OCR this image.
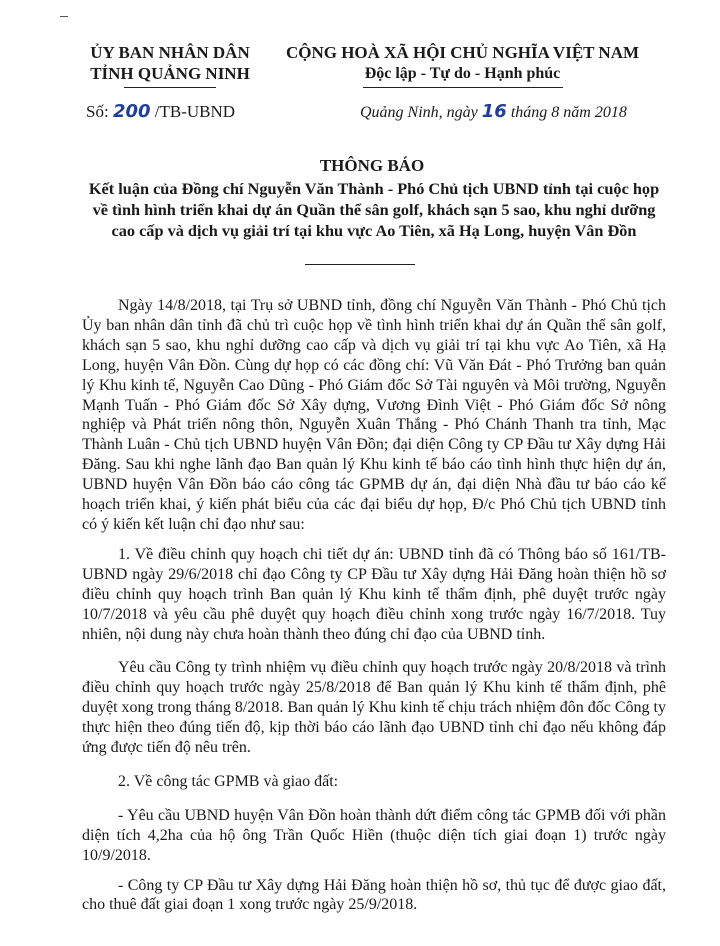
ỦY BAN NHÂN DÂN
TỈNH QUẢNG NINH
CỘNG HOÀ XÃ HỘI CHỦ NGHĨA VIỆT NAM
Độc lập - Tự do - Hạnh phúc
Số: 200 /TB-UBND	Quảng Ninh, ngày 16 tháng 8 năm 2018
THÔNG BÁO
Kết luận của Đồng chí Nguyễn Văn Thành - Phó Chủ tịch UBND tỉnh tại cuộc họp về tình hình triển khai dự án Quần thể sân golf, khách sạn 5 sao, khu nghỉ dưỡng cao cấp và dịch vụ giải trí tại khu vực Ao Tiên, xã Hạ Long, huyện Vân Đồn

Ngày 14/8/2018, tại Trụ sở UBND tỉnh, đồng chí Nguyễn Văn Thành - Phó Chủ tịch Ủy ban nhân dân tỉnh đã chủ trì cuộc họp về tình hình triển khai dự án Quần thể sân golf, khách sạn 5 sao, khu nghỉ dưỡng cao cấp và dịch vụ giải trí tại khu vực Ao Tiên, xã Hạ Long, huyện Vân Đồn. Cùng dự họp có các đồng chí: Vũ Văn Đát - Phó Trưởng ban quản lý Khu kinh tế, Nguyễn Cao Dũng - Phó Giám đốc Sở Tài nguyên và Môi trường, Nguyễn Mạnh Tuấn - Phó Giám đốc Sở Xây dựng, Vương Đình Việt - Phó Giám đốc Sở nông nghiệp và Phát triển nông thôn, Nguyễn Xuân Thắng - Phó Chánh Thanh tra tỉnh, Mạc Thành Luân - Chủ tịch UBND huyện Vân Đồn; đại diện Công ty CP Đầu tư Xây dựng Hải Đăng. Sau khi nghe lãnh đạo Ban quản lý Khu kinh tế báo cáo tình hình thực hiện dự án, UBND huyện Vân Đồn báo cáo công tác GPMB dự án, đại diện Nhà đầu tư báo cáo kế hoạch triển khai, ý kiến phát biểu của các đại biểu dự họp, Đ/c Phó Chủ tịch UBND tỉnh có ý kiến kết luận chỉ đạo như sau:

1. Về điều chỉnh quy hoạch chi tiết dự án: UBND tỉnh đã có Thông báo số 161/TB-UBND ngày 29/6/2018 chỉ đạo Công ty CP Đầu tư Xây dựng Hải Đăng hoàn thiện hồ sơ điều chỉnh quy hoạch trình Ban quản lý Khu kinh tế thẩm định, phê duyệt trước ngày 10/7/2018 và yêu cầu phê duyệt quy hoạch điều chỉnh xong trước ngày 16/7/2018. Tuy nhiên, nội dung này chưa hoàn thành theo đúng chỉ đạo của UBND tỉnh.

Yêu cầu Công ty trình nhiệm vụ điều chỉnh quy hoạch trước ngày 20/8/2018 và trình điều chỉnh quy hoạch trước ngày 25/8/2018 để Ban quản lý Khu kinh tế thẩm định, phê duyệt xong trong tháng 8/2018. Ban quản lý Khu kinh tế chịu trách nhiệm đôn đốc Công ty thực hiện theo đúng tiến độ, kịp thời báo cáo lãnh đạo UBND tỉnh chỉ đạo nếu không đáp ứng được tiến độ nêu trên.

2. Về công tác GPMB và giao đất:

- Yêu cầu UBND huyện Vân Đồn hoàn thành dứt điểm công tác GPMB đối với phần diện tích 4,2ha của hộ ông Trần Quốc Hiền (thuộc diện tích giai đoạn 1) trước ngày 10/9/2018.

- Công ty CP Đầu tư Xây dựng Hải Đăng hoàn thiện hồ sơ, thủ tục để được giao đất, cho thuê đất giai đoạn 1 xong trước ngày 25/9/2018.
